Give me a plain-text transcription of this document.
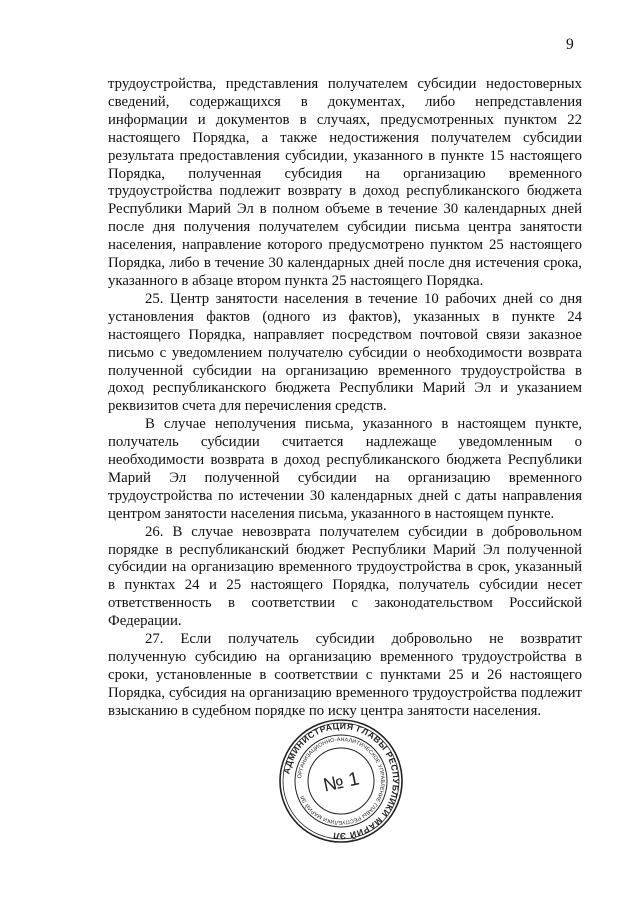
9

трудоустройства, представления получателем субсидии недостоверных сведений, содержащихся в документах, либо непредставления информации и документов в случаях, предусмотренных пунктом 22 настоящего Порядка, а также недостижения получателем субсидии результата предоставления субсидии, указанного в пункте 15 настоящего Порядка, полученная субсидия на организацию временного трудоустройства подлежит возврату в доход республиканского бюджета Республики Марий Эл в полном объеме в течение 30 календарных дней после дня получения получателем субсидии письма центра занятости населения, направление которого предусмотрено пунктом 25 настоящего Порядка, либо в течение 30 календарных дней после дня истечения срока, указанного в абзаце втором пункта 25 настоящего Порядка.

25. Центр занятости населения в течение 10 рабочих дней со дня установления фактов (одного из фактов), указанных в пункте 24 настоящего Порядка, направляет посредством почтовой связи заказное письмо с уведомлением получателю субсидии о необходимости возврата полученной субсидии на организацию временного трудоустройства в доход республиканского бюджета Республики Марий Эл и указанием реквизитов счета для перечисления средств.

В случае неполучения письма, указанного в настоящем пункте, получатель субсидии считается надлежаще уведомленным о необходимости возврата в доход республиканского бюджета Республики Марий Эл полученной субсидии на организацию временного трудоустройства по истечении 30 календарных дней с даты направления центром занятости населения письма, указанного в настоящем пункте.

26. В случае невозврата получателем субсидии в добровольном порядке в республиканский бюджет Республики Марий Эл полученной субсидии на организацию временного трудоустройства в срок, указанный в пунктах 24 и 25 настоящего Порядка, получатель субсидии несет ответственность в соответствии с законодательством Российской Федерации.

27. Если получатель субсидии добровольно не возвратит полученную субсидию на организацию временного трудоустройства в сроки, установленные в соответствии с пунктами 25 и 26 настоящего Порядка, субсидия на организацию временного трудоустройства подлежит взысканию в судебном порядке по иску центра занятости населения.

АДМИНИСТРАЦИЯ ГЛАВЫ РЕСПУБЛИКИ МАРИЙ ЭЛ
ОРГАНИЗАЦИОННО-АНАЛИТИЧЕСКОЕ УПРАВЛЕНИЕ ГЛАВЫ РЕСПУБЛИКИ МАРИЙ ЭЛ
№ 1
